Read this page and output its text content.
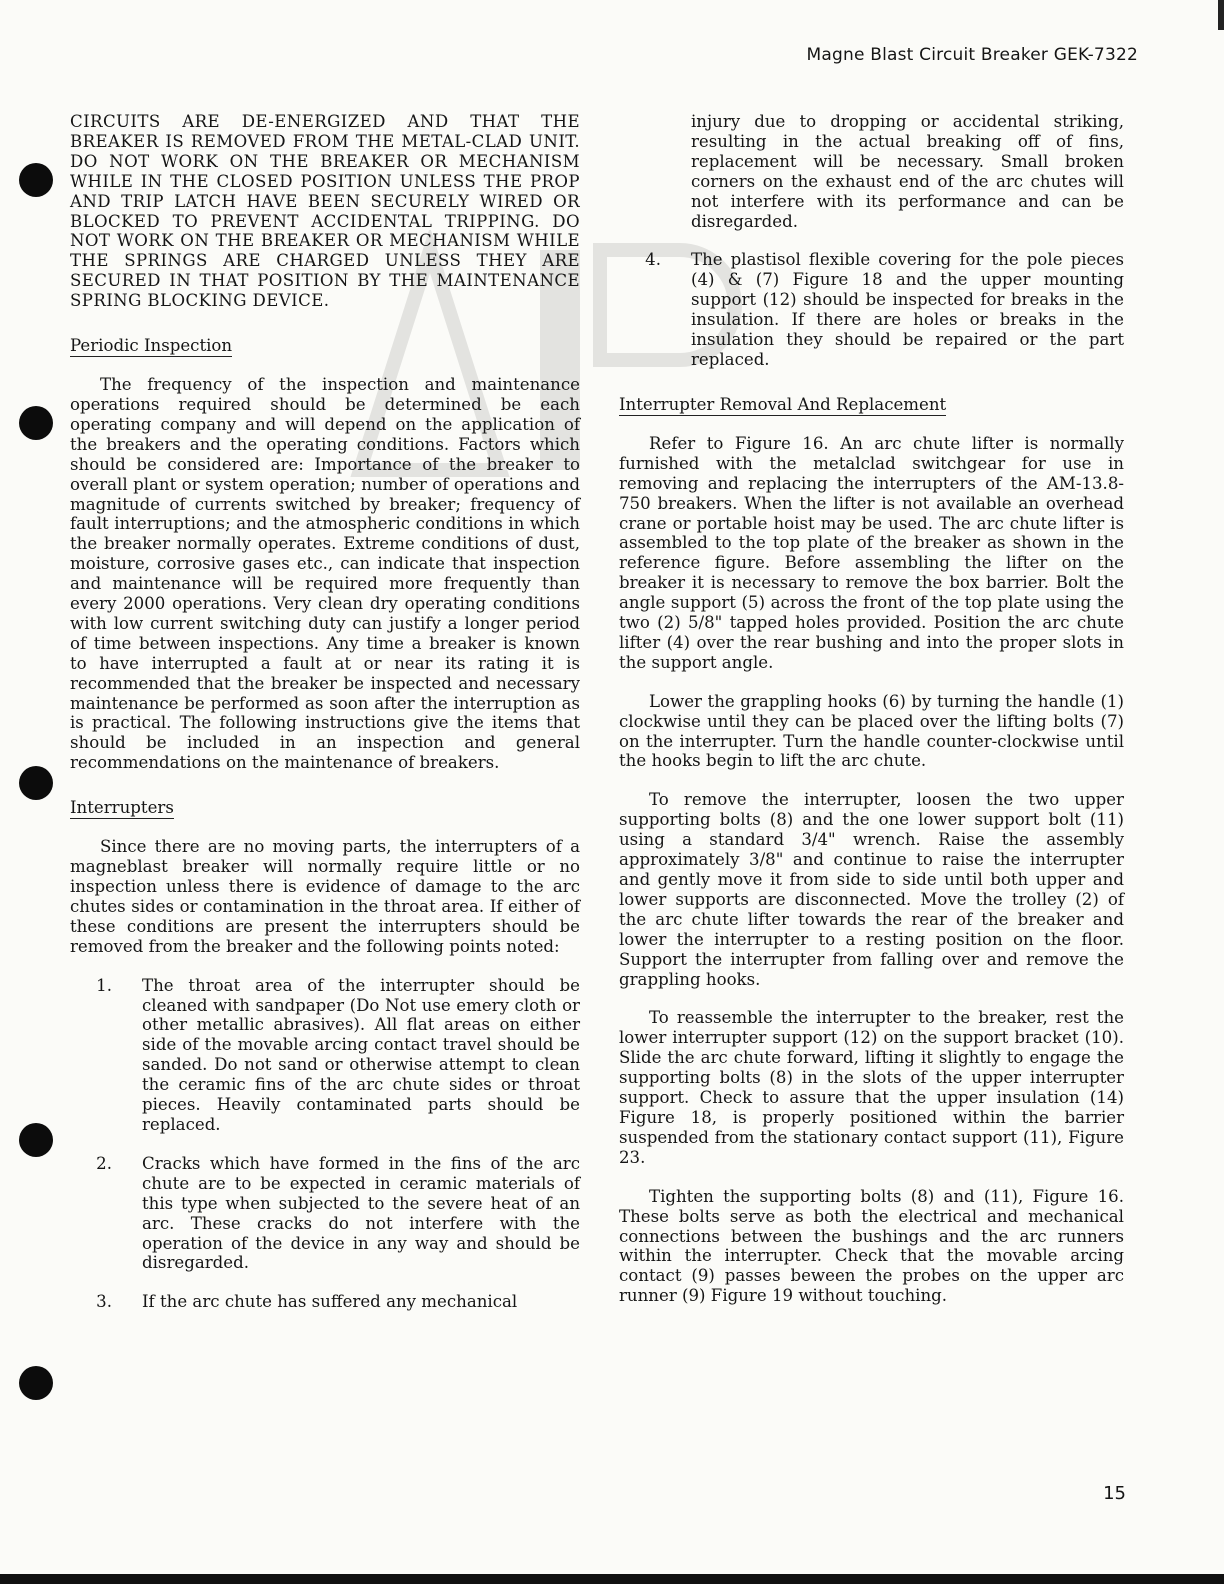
Magne Blast Circuit Breaker GEK-7322

CIRCUITS ARE DE-ENERGIZED AND THAT THE BREAKER IS REMOVED FROM THE METAL-CLAD UNIT. DO NOT WORK ON THE BREAKER OR MECHANISM WHILE IN THE CLOSED POSITION UNLESS THE PROP AND TRIP LATCH HAVE BEEN SECURELY WIRED OR BLOCKED TO PREVENT ACCIDENTAL TRIPPING. DO NOT WORK ON THE BREAKER OR MECHANISM WHILE THE SPRINGS ARE CHARGED UNLESS THEY ARE SECURED IN THAT POSITION BY THE MAINTENANCE SPRING BLOCKING DEVICE.

Periodic Inspection

The frequency of the inspection and maintenance operations required should be determined be each operating company and will depend on the application of the breakers and the operating conditions. Factors which should be considered are: Importance of the breaker to overall plant or system operation; number of operations and magnitude of currents switched by breaker; frequency of fault interruptions; and the atmospheric conditions in which the breaker normally operates. Extreme conditions of dust, moisture, corrosive gases etc., can indicate that inspection and maintenance will be required more frequently than every 2000 operations. Very clean dry operating conditions with low current switching duty can justify a longer period of time between inspections. Any time a breaker is known to have interrupted a fault at or near its rating it is recommended that the breaker be inspected and necessary maintenance be performed as soon after the interruption as is practical. The following instructions give the items that should be included in an inspection and general recommendations on the maintenance of breakers.

Interrupters

Since there are no moving parts, the interrupters of a magneblast breaker will normally require little or no inspection unless there is evidence of damage to the arc chutes sides or contamination in the throat area. If either of these conditions are present the interrupters should be removed from the breaker and the following points noted:

1.	The throat area of the interrupter should be cleaned with sandpaper (Do Not use emery cloth or other metallic abrasives). All flat areas on either side of the movable arcing contact travel should be sanded. Do not sand or otherwise attempt to clean the ceramic fins of the arc chute sides or throat pieces. Heavily contaminated parts should be replaced.
2.	Cracks which have formed in the fins of the arc chute are to be expected in ceramic materials of this type when subjected to the severe heat of an arc. These cracks do not interfere with the operation of the device in any way and should be disregarded.
3.	If the arc chute has suffered any mechanical
injury due to dropping or accidental striking, resulting in the actual breaking off of fins, replacement will be necessary. Small broken corners on the exhaust end of the arc chutes will not interfere with its performance and can be disregarded.
4.	The plastisol flexible covering for the pole pieces (4) & (7) Figure 18 and the upper mounting support (12) should be inspected for breaks in the insulation. If there are holes or breaks in the insulation they should be repaired or the part replaced.
Interrupter Removal And Replacement

Refer to Figure 16. An arc chute lifter is normally furnished with the metalclad switchgear for use in removing and replacing the interrupters of the AM-13.8-750 breakers. When the lifter is not available an overhead crane or portable hoist may be used. The arc chute lifter is assembled to the top plate of the breaker as shown in the reference figure. Before assembling the lifter on the breaker it is necessary to remove the box barrier. Bolt the angle support (5) across the front of the top plate using the two (2) 5/8" tapped holes provided. Position the arc chute lifter (4) over the rear bushing and into the proper slots in the support angle.

Lower the grappling hooks (6) by turning the handle (1) clockwise until they can be placed over the lifting bolts (7) on the interrupter. Turn the handle counter-clockwise until the hooks begin to lift the arc chute.

To remove the interrupter, loosen the two upper supporting bolts (8) and the one lower support bolt (11) using a standard 3/4" wrench. Raise the assembly approximately 3/8" and continue to raise the interrupter and gently move it from side to side until both upper and lower supports are disconnected. Move the trolley (2) of the arc chute lifter towards the rear of the breaker and lower the interrupter to a resting position on the floor. Support the interrupter from falling over and remove the grappling hooks.

To reassemble the interrupter to the breaker, rest the lower interrupter support (12) on the support bracket (10). Slide the arc chute forward, lifting it slightly to engage the supporting bolts (8) in the slots of the upper interrupter support. Check to assure that the upper insulation (14) Figure 18, is properly positioned within the barrier suspended from the stationary contact support (11), Figure 23.

Tighten the supporting bolts (8) and (11), Figure 16. These bolts serve as both the electrical and mechanical connections between the bushings and the arc runners within the interrupter. Check that the movable arcing contact (9) passes beween the probes on the upper arc runner (9) Figure 19 without touching.

15
